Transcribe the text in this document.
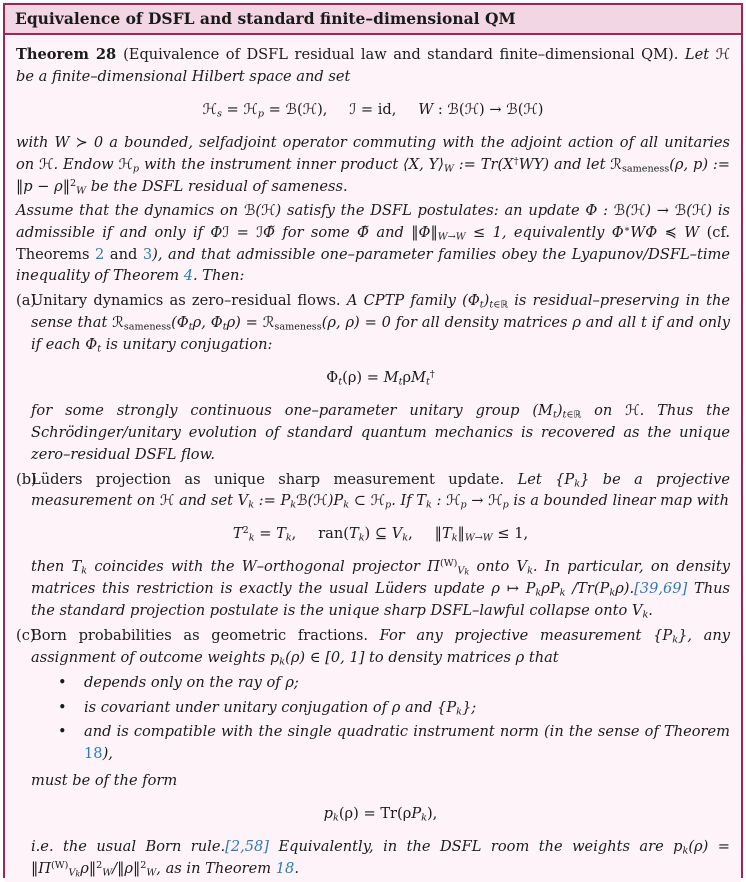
Equivalence of DSFL and standard finite–dimensional QM
Theorem 28 (Equivalence of DSFL residual law and standard finite–dimensional QM). Let ℋ be a finite–dimensional Hilbert space and set
ℋ$_s$ = ℋ$_p$ = ℬ(ℋ),  ℐ = id,  W : ℬ(ℋ) → ℬ(ℋ)
with W ≻ 0 a bounded, selfadjoint operator commuting with the adjoint action of all unitaries on ℋ. Endow ℋ$_p$ with the instrument inner product ⟨X, $Y⟩_W$ := Tr(X†WY) and let ℛ$_{sameness}$(ρ, p) := ‖p − ρ‖$^2_W$ be the DSFL residual of sameness.
Assume that the dynamics on ℬ(ℋ) satisfy the DSFL postulates: an update Φ : ℬ(ℋ) → ℬ(ℋ) is admissible if and only if Φℐ = ℐΦ̃ for some Φ̃ and $‖\Phi‖_{W\to W} \le 1$, equivalently Φ∗WΦ ≼ W (cf. Theorems 2 and 3), and that admissible one–parameter families obey the Lyapunov/DSFL–time inequality of Theorem 4. Then:
(a)
Unitary dynamics as zero–residual flows. A CPTP family $(\Phi_t)_{t\in ℝ}$ is residual–preserving in the sense that $ℛ_{sameness}(\Phi_t\rho$, $\Phi_t\rho$) = ℛ$_{sameness}$(ρ, ρ) = 0 for all density matrices ρ and all t if and only if each $\Phi_t$ is unitary conjugation:
$\Phi_t(\rho) = M_t\rho M_t^\dagger$
for some strongly continuous one–parameter unitary group $(M_t)_{t\in ℝ}$ on ℋ. Thus the Schrödinger/unitary evolution of standard quantum mechanics is recovered as the unique zero–residual DSFL flow.
(b)
Lüders projection as unique sharp measurement update. Let $\{P_k\}$ be a projective measurement on ℋ and set $V_k$ := $P_kℬ(ℋ)P_k$ ⊂ ℋ$_p$. If $T_k$ : ℋ$_p$ → ℋ$_p$ is a bounded linear map with
$T^2_k = T_k$,  $ran(T_k)$ ⊆ $V_k$,  $‖T_k‖_{W\to W} \le 1$,
then $T_k$ coincides with the W–orthogonal projector $\Pi^{(W)}_{Vk}$ onto $V_k$. In particular, on density matrices this restriction is exactly the usual Lüders update ρ ↦ $P_k\rho P_k$ $/Tr(P_k\rho).[39,69]$ Thus the standard projection postulate is the unique sharp DSFL–lawful collapse onto $V_k$.
(c)
Born probabilities as geometric fractions. For any projective measurement $\{P_k\}$, any assignment of outcome weights $p_k(\rho)$ ∈ [0, 1] to density matrices ρ that
• depends only on the ray of ρ;
• is covariant under unitary conjugation of ρ and $\{P_k\}$;
• and is compatible with the single quadratic instrument norm (in the sense of Theorem 18),
must be of the form
$p_k(\rho) = Tr(\rho P_k)$,
i.e. the usual Born rule.[2,58] Equivalently, in the DSFL room the weights are $p_k(\rho)$ = $‖\Pi^{(W)}_{Vk}\rho‖^2_W/‖\rho‖^2_W$, as in Theorem 18.
